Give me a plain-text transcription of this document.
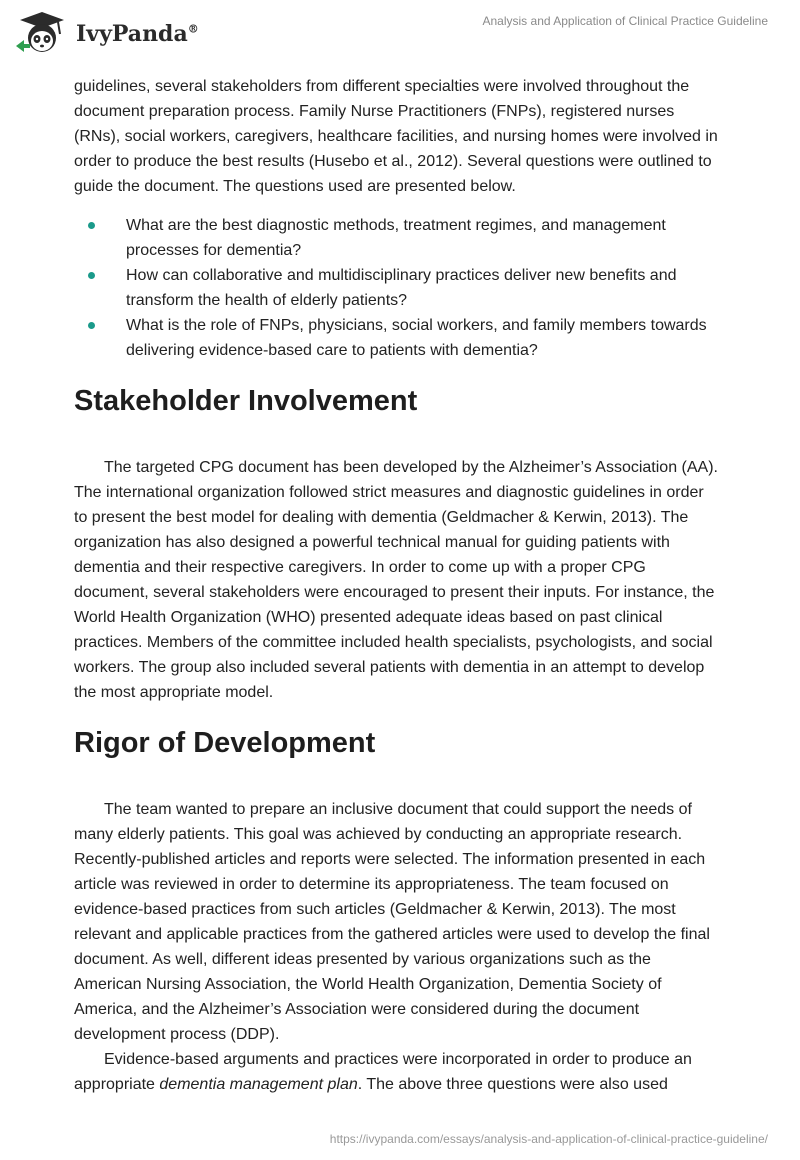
IvyPanda®
Analysis and Application of Clinical Practice Guideline

guidelines, several stakeholders from different specialties were involved throughout the document preparation process. Family Nurse Practitioners (FNPs), registered nurses (RNs), social workers, caregivers, healthcare facilities, and nursing homes were involved in order to produce the best results (Husebo et al., 2012). Several questions were outlined to guide the document. The questions used are presented below.

What are the best diagnostic methods, treatment regimes, and management processes for dementia?
How can collaborative and multidisciplinary practices deliver new benefits and transform the health of elderly patients?
What is the role of FNPs, physicians, social workers, and family members towards delivering evidence-based care to patients with dementia?
Stakeholder Involvement

The targeted CPG document has been developed by the Alzheimer’s Association (AA). The international organization followed strict measures and diagnostic guidelines in order to present the best model for dealing with dementia (Geldmacher & Kerwin, 2013). The organization has also designed a powerful technical manual for guiding patients with dementia and their respective caregivers. In order to come up with a proper CPG document, several stakeholders were encouraged to present their inputs. For instance, the World Health Organization (WHO) presented adequate ideas based on past clinical practices. Members of the committee included health specialists, psychologists, and social workers. The group also included several patients with dementia in an attempt to develop the most appropriate model.

Rigor of Development

The team wanted to prepare an inclusive document that could support the needs of many elderly patients. This goal was achieved by conducting an appropriate research. Recently-published articles and reports were selected. The information presented in each article was reviewed in order to determine its appropriateness. The team focused on evidence-based practices from such articles (Geldmacher & Kerwin, 2013). The most relevant and applicable practices from the gathered articles were used to develop the final document. As well, different ideas presented by various organizations such as the American Nursing Association, the World Health Organization, Dementia Society of America, and the Alzheimer’s Association were considered during the document development process (DDP).

Evidence-based arguments and practices were incorporated in order to produce an appropriate dementia management plan. The above three questions were also used

https://ivypanda.com/essays/analysis-and-application-of-clinical-practice-guideline/
